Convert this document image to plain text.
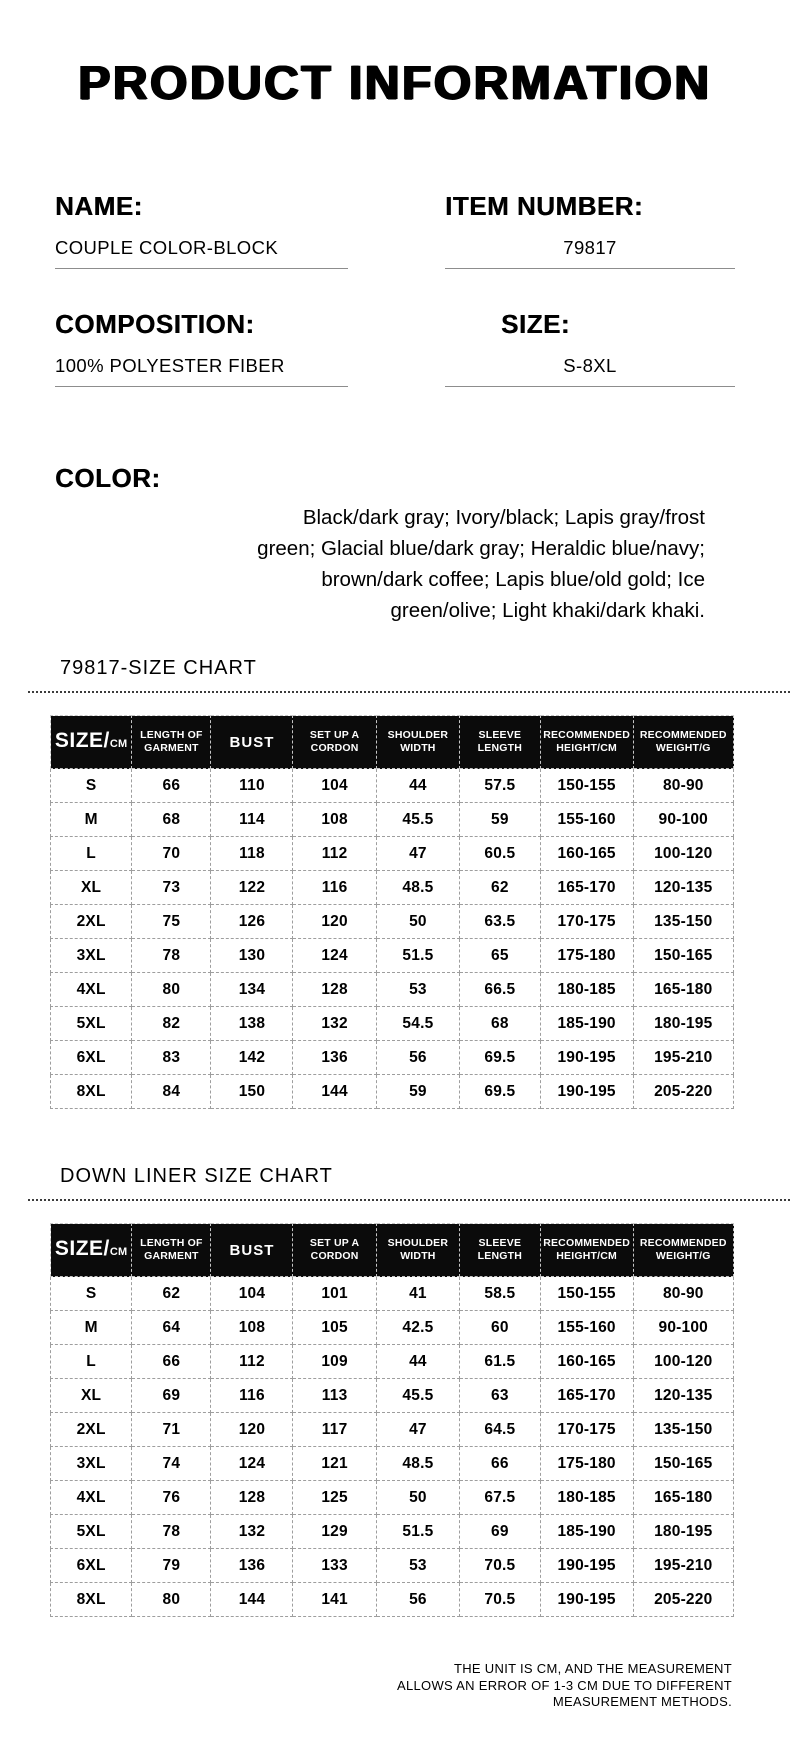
PRODUCT INFORMATION
NAME:
COUPLE COLOR-BLOCK
ITEM NUMBER:
79817
COMPOSITION:
100% POLYESTER FIBER
SIZE:
S-8XL
COLOR:
Black/dark gray; Ivory/black; Lapis gray/frost
green; Glacial blue/dark gray; Heraldic blue/navy;
brown/dark coffee; Lapis blue/old gold; Ice
green/olive; Light khaki/dark khaki.
79817-SIZE CHART
SIZE/CM	LENGTH OF
GARMENT	BUST	SET UP A
CORDON	SHOULDER
WIDTH	SLEEVE
LENGTH	RECOMMENDED
HEIGHT/CM	RECOMMENDED
WEIGHT/G
S	66	110	104	44	57.5	150-155	80-90
M	68	114	108	45.5	59	155-160	90-100
L	70	118	112	47	60.5	160-165	100-120
XL	73	122	116	48.5	62	165-170	120-135
2XL	75	126	120	50	63.5	170-175	135-150
3XL	78	130	124	51.5	65	175-180	150-165
4XL	80	134	128	53	66.5	180-185	165-180
5XL	82	138	132	54.5	68	185-190	180-195
6XL	83	142	136	56	69.5	190-195	195-210
8XL	84	150	144	59	69.5	190-195	205-220
DOWN LINER SIZE CHART
SIZE/CM	LENGTH OF
GARMENT	BUST	SET UP A
CORDON	SHOULDER
WIDTH	SLEEVE
LENGTH	RECOMMENDED
HEIGHT/CM	RECOMMENDED
WEIGHT/G
S	62	104	101	41	58.5	150-155	80-90
M	64	108	105	42.5	60	155-160	90-100
L	66	112	109	44	61.5	160-165	100-120
XL	69	116	113	45.5	63	165-170	120-135
2XL	71	120	117	47	64.5	170-175	135-150
3XL	74	124	121	48.5	66	175-180	150-165
4XL	76	128	125	50	67.5	180-185	165-180
5XL	78	132	129	51.5	69	185-190	180-195
6XL	79	136	133	53	70.5	190-195	195-210
8XL	80	144	141	56	70.5	190-195	205-220
THE UNIT IS CM, AND THE MEASUREMENT
ALLOWS AN ERROR OF 1-3 CM DUE TO DIFFERENT
MEASUREMENT METHODS.
